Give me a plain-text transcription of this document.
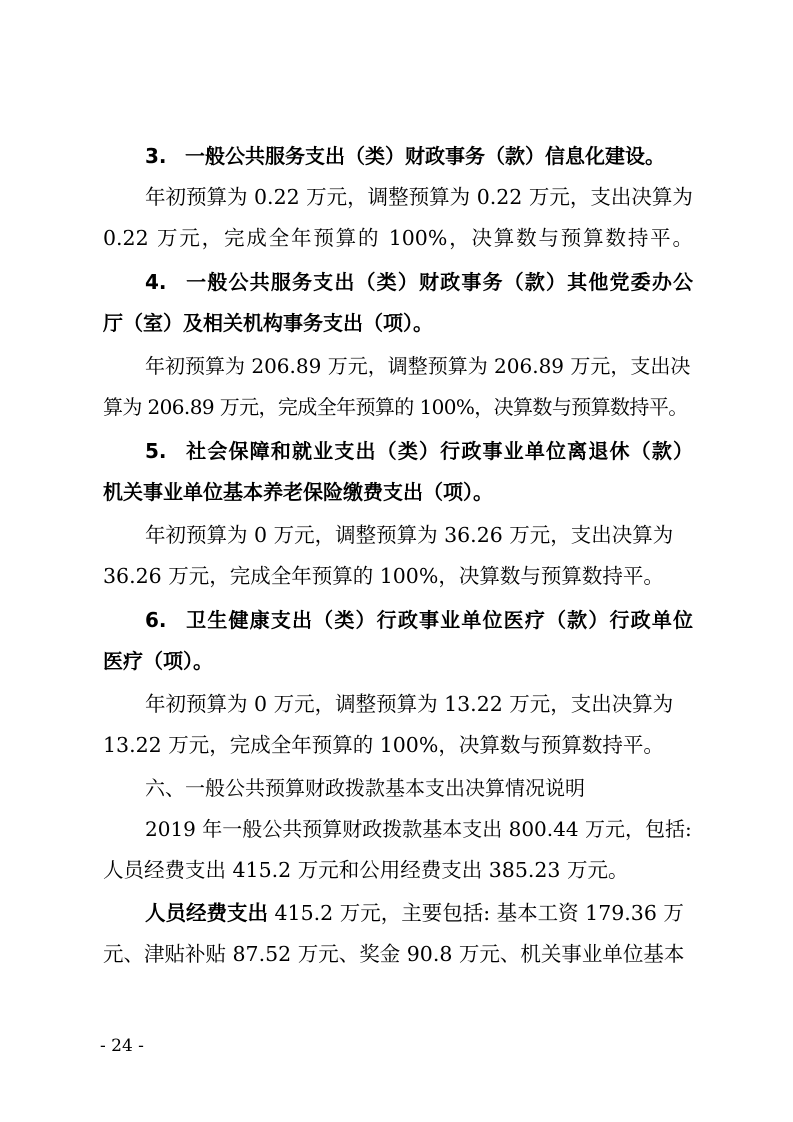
3. 一般公共服务支出（类）财政事务（款）信息化建设。
年初预算为 0.22 万元，调整预算为 0.22 万元，支出决算为
0.22 万元，完成全年预算的 100%，决算数与预算数持平。
4. 一般公共服务支出（类）财政事务（款）其他党委办公
厅（室）及相关机构事务支出（项）。
年初预算为 206.89 万元，调整预算为 206.89 万元，支出决
算为 206.89 万元，完成全年预算的 100%，决算数与预算数持平。
5. 社会保障和就业支出（类）行政事业单位离退休（款）
机关事业单位基本养老保险缴费支出（项）。
年初预算为 0 万元，调整预算为 36.26 万元，支出决算为
36.26 万元，完成全年预算的 100%，决算数与预算数持平。
6. 卫生健康支出（类）行政事业单位医疗（款）行政单位
医疗（项）。
年初预算为 0 万元，调整预算为 13.22 万元，支出决算为
13.22 万元，完成全年预算的 100%，决算数与预算数持平。
六、一般公共预算财政拨款基本支出决算情况说明
2019 年一般公共预算财政拨款基本支出 800.44 万元，包括:
人员经费支出 415.2 万元和公用经费支出 385.23 万元。
人员经费支出 415.2 万元，主要包括: 基本工资 179.36 万
元、津贴补贴 87.52 万元、奖金 90.8 万元、机关事业单位基本
- 24 -
